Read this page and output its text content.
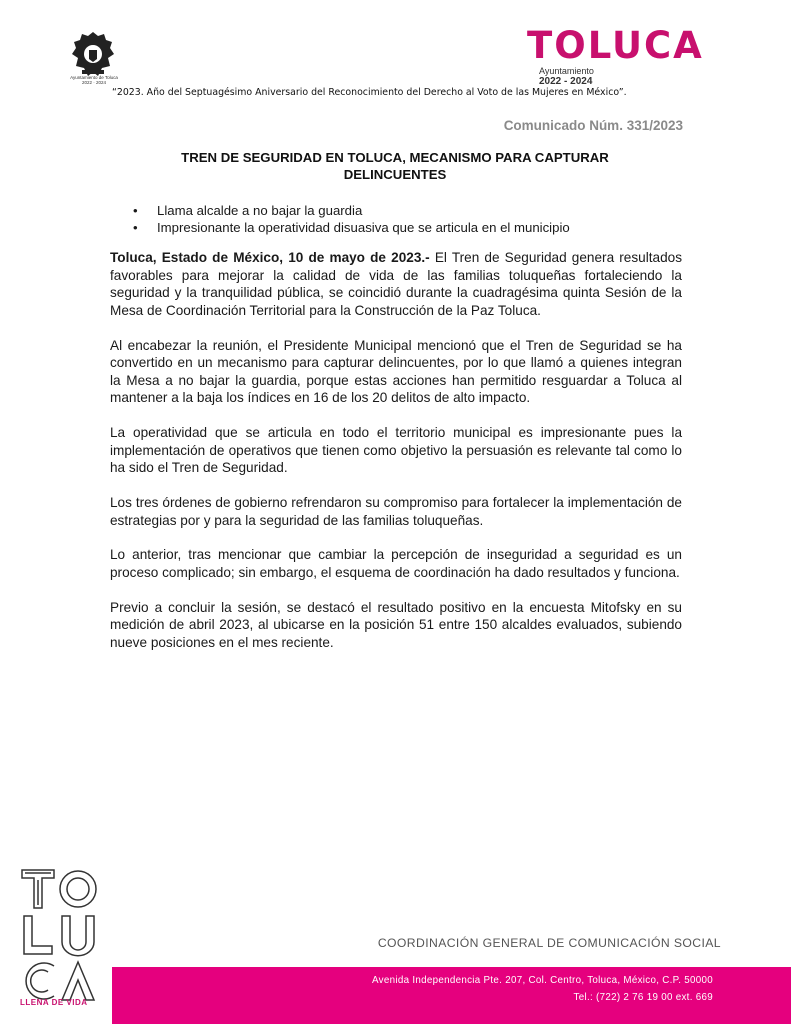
Ayuntamiento de Toluca
2022 · 2024
TOLUCA
Ayuntamiento
2022 - 2024
“2023. Año del Septuagésimo Aniversario del Reconocimiento del Derecho al Voto de las Mujeres en México”.
Comunicado Núm. 331/2023
TREN DE SEGURIDAD EN TOLUCA, MECANISMO PARA CAPTURAR
DELINCUENTES
• Llama alcalde a no bajar la guardia
• Impresionante la operatividad disuasiva que se articula en el municipio

Toluca, Estado de México, 10 de mayo de 2023.- El Tren de Seguridad genera resultados favorables para mejorar la calidad de vida de las familias toluqueñas fortaleciendo la seguridad y la tranquilidad pública, se coincidió durante la cuadragésima quinta Sesión de la Mesa de Coordinación Territorial para la Construcción de la Paz Toluca.

Al encabezar la reunión, el Presidente Municipal mencionó que el Tren de Seguridad se ha convertido en un mecanismo para capturar delincuentes, por lo que llamó a quienes integran la Mesa a no bajar la guardia, porque estas acciones han permitido resguardar a Toluca al mantener a la baja los índices en 16 de los 20 delitos de alto impacto.

La operatividad que se articula en todo el territorio municipal es impresionante pues la implementación de operativos que tienen como objetivo la persuasión es relevante tal como lo ha sido el Tren de Seguridad.

Los tres órdenes de gobierno refrendaron su compromiso para fortalecer la implementación de estrategias por y para la seguridad de las familias toluqueñas.

Lo anterior, tras mencionar que cambiar la percepción de inseguridad a seguridad es un proceso complicado; sin embargo, el esquema de coordinación ha dado resultados y funciona.

Previo a concluir la sesión, se destacó el resultado positivo en la encuesta Mitofsky en su medición de abril 2023, al ubicarse en la posición 51 entre 150 alcaldes evaluados, subiendo nueve posiciones en el mes reciente.

LLENA DE VIDA
COORDINACIÓN GENERAL DE COMUNICACIÓN SOCIAL
Avenida Independencia Pte. 207, Col. Centro, Toluca, México, C.P. 50000
Tel.: (722) 2 76 19 00 ext. 669
